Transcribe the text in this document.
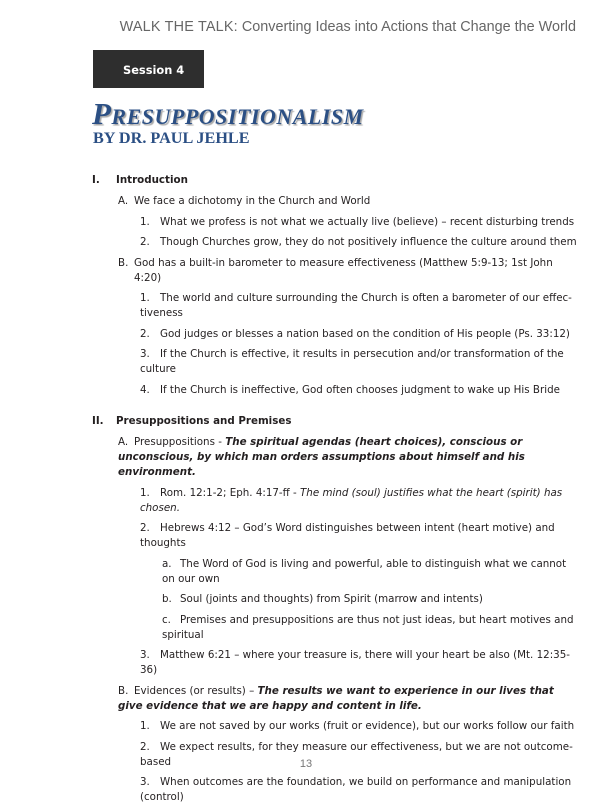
WALK THE TALK: Converting Ideas into Actions that Change the World
Session 4
Presuppositionalism
BY DR. PAUL JEHLE
I.	Introduction
A. We face a dichotomy in the Church and World
1. What we profess is not what we actually live (believe) – recent disturbing trends
2. Though Churches grow, they do not positively influence the culture around them
B. God has a built-in barometer to measure effectiveness (Matthew 5:9-13; 1st John 4:20)
1. The world and culture surrounding the Church is often a barometer of our effec-tiveness
2. God judges or blesses a nation based on the condition of His people (Ps. 33:12)
3. If the Church is effective, it results in persecution and/or transformation of the culture
4. If the Church is ineffective, God often chooses judgment to wake up His Bride
II.	Presuppositions and Premises
A. Presuppositions - The spiritual agendas (heart choices), conscious or unconscious, by which man orders assumptions about himself and his environment.
1. Rom. 12:1-2; Eph. 4:17-ff - The mind (soul) justifies what the heart (spirit) has chosen.
2. Hebrews 4:12 – God’s Word distinguishes between intent (heart motive) and thoughts
a. The Word of God is living and powerful, able to distinguish what we cannot on our own
b. Soul (joints and thoughts) from Spirit (marrow and intents)
c. Premises and presuppositions are thus not just ideas, but heart motives and spiritual
3. Matthew 6:21 – where your treasure is, there will your heart be also (Mt. 12:35-36)
B. Evidences (or results) – The results we want to experience in our lives that give evidence that we are happy and content in life.
1. We are not saved by our works (fruit or evidence), but our works follow our faith
2. We expect results, for they measure our effectiveness, but we are not outcome-based
3. When outcomes are the foundation, we build on performance and manipulation (control)
13
